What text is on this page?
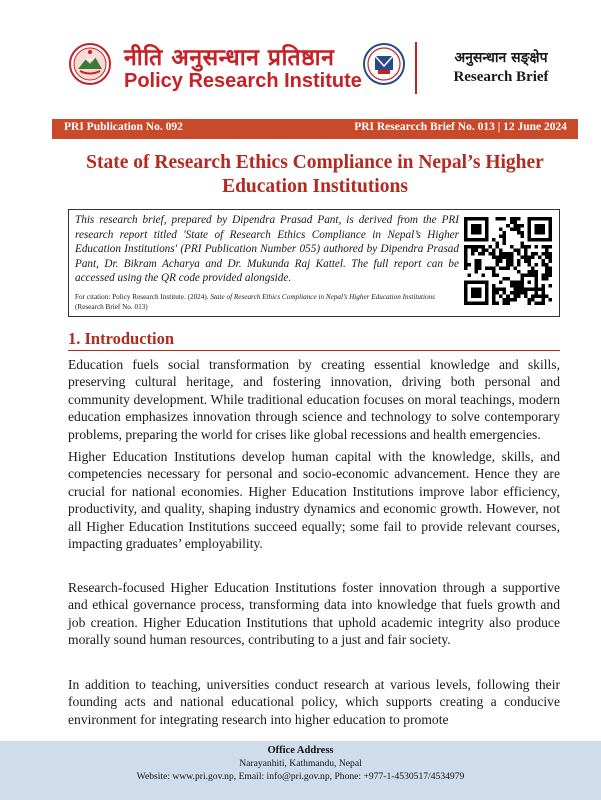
नीति अनुसन्धान प्रतिष्ठान
Policy Research Institute
अनुसन्धान सङ्क्षेप
Research Brief
PRI Publication No. 092	PRI Researcch Brief No. 013 | 12 June 2024
State of Research Ethics Compliance in Nepal’s Higher Education Institutions
This research brief, prepared by Dipendra Prasad Pant, is derived from the PRI research report titled 'State of Research Ethics Compliance in Nepal’s Higher Education Institutions' (PRI Publication Number 055) authored by Dipendra Prasad Pant, Dr. Bikram Acharya and Dr. Mukunda Raj Kattel. The full report can be accessed using the QR code provided alongside.
For citation: Policy Research Institute. (2024). State of Research Ethics Compliance in Nepal’s Higher Education Institutions (Research Brief No. 013)
1. Introduction
Education fuels social transformation by creating essential knowledge and skills, preserving cultural heritage, and fostering innovation, driving both personal and community development. While traditional education focuses on moral teachings, modern education emphasizes innovation through science and technology to solve contemporary problems, preparing the world for crises like global recessions and health emergencies.
Higher Education Institutions develop human capital with the knowledge, skills, and competencies necessary for personal and socio-economic advancement. Hence they are crucial for national economies. Higher Education Institutions improve labor efficiency, productivity, and quality, shaping industry dynamics and economic growth. However, not all Higher Education Institutions succeed equally; some fail to provide relevant courses, impacting graduates’ employability.
Research-focused Higher Education Institutions foster innovation through a supportive and ethical governance process, transforming data into knowledge that fuels growth and job creation. Higher Education Institutions that uphold academic integrity also produce morally sound human resources, contributing to a just and fair society.
In addition to teaching, universities conduct research at various levels, following their founding acts and national educational policy, which supports creating a conducive environment for integrating research into higher education to promote
Office Address
Narayanhiti, Kathmandu, Nepal
Website: www.pri.gov.np, Email: info@pri.gov.np, Phone: +977-1-4530517/4534979
